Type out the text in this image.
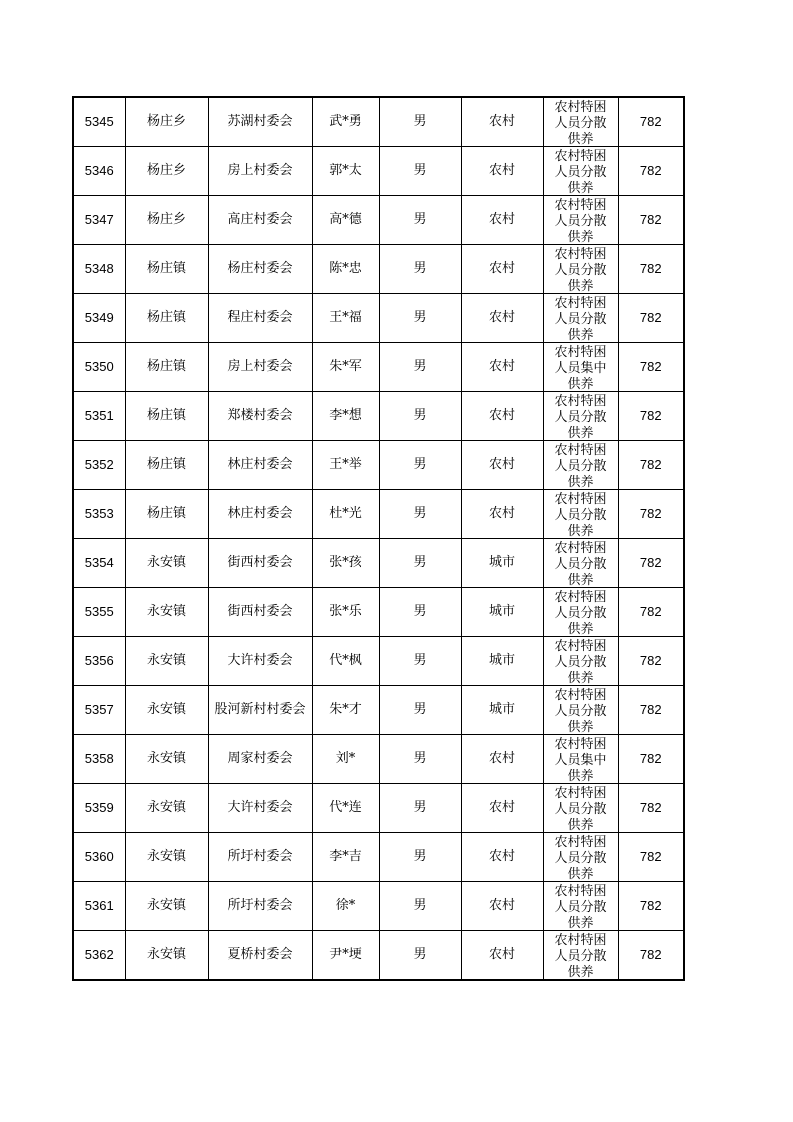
5345	杨庄乡	苏湖村委会	武*勇	男	农村	农村特困人员分散供养	782

5346	杨庄乡	房上村委会	郭*太	男	农村	农村特困人员分散供养	782

5347	杨庄乡	高庄村委会	高*德	男	农村	农村特困人员分散供养	782

5348	杨庄镇	杨庄村委会	陈*忠	男	农村	农村特困人员分散供养	782

5349	杨庄镇	程庄村委会	王*福	男	农村	农村特困人员分散供养	782

5350	杨庄镇	房上村委会	朱*军	男	农村	农村特困人员集中供养	782

5351	杨庄镇	郑楼村委会	李*想	男	农村	农村特困人员分散供养	782

5352	杨庄镇	林庄村委会	王*举	男	农村	农村特困人员分散供养	782

5353	杨庄镇	林庄村委会	杜*光	男	农村	农村特困人员分散供养	782

5354	永安镇	街西村委会	张*孩	男	城市	农村特困人员分散供养	782

5355	永安镇	街西村委会	张*乐	男	城市	农村特困人员分散供养	782

5356	永安镇	大许村委会	代*枫	男	城市	农村特困人员分散供养	782

5357	永安镇	股河新村村委会	朱*才	男	城市	农村特困人员分散供养	782

5358	永安镇	周家村委会	刘*	男	农村	农村特困人员集中供养	782

5359	永安镇	大许村委会	代*连	男	农村	农村特困人员分散供养	782

5360	永安镇	所圩村委会	李*吉	男	农村	农村特困人员分散供养	782

5361	永安镇	所圩村委会	徐*	男	农村	农村特困人员分散供养	782

5362	永安镇	夏桥村委会	尹*埂	男	农村	农村特困人员分散供养	782
